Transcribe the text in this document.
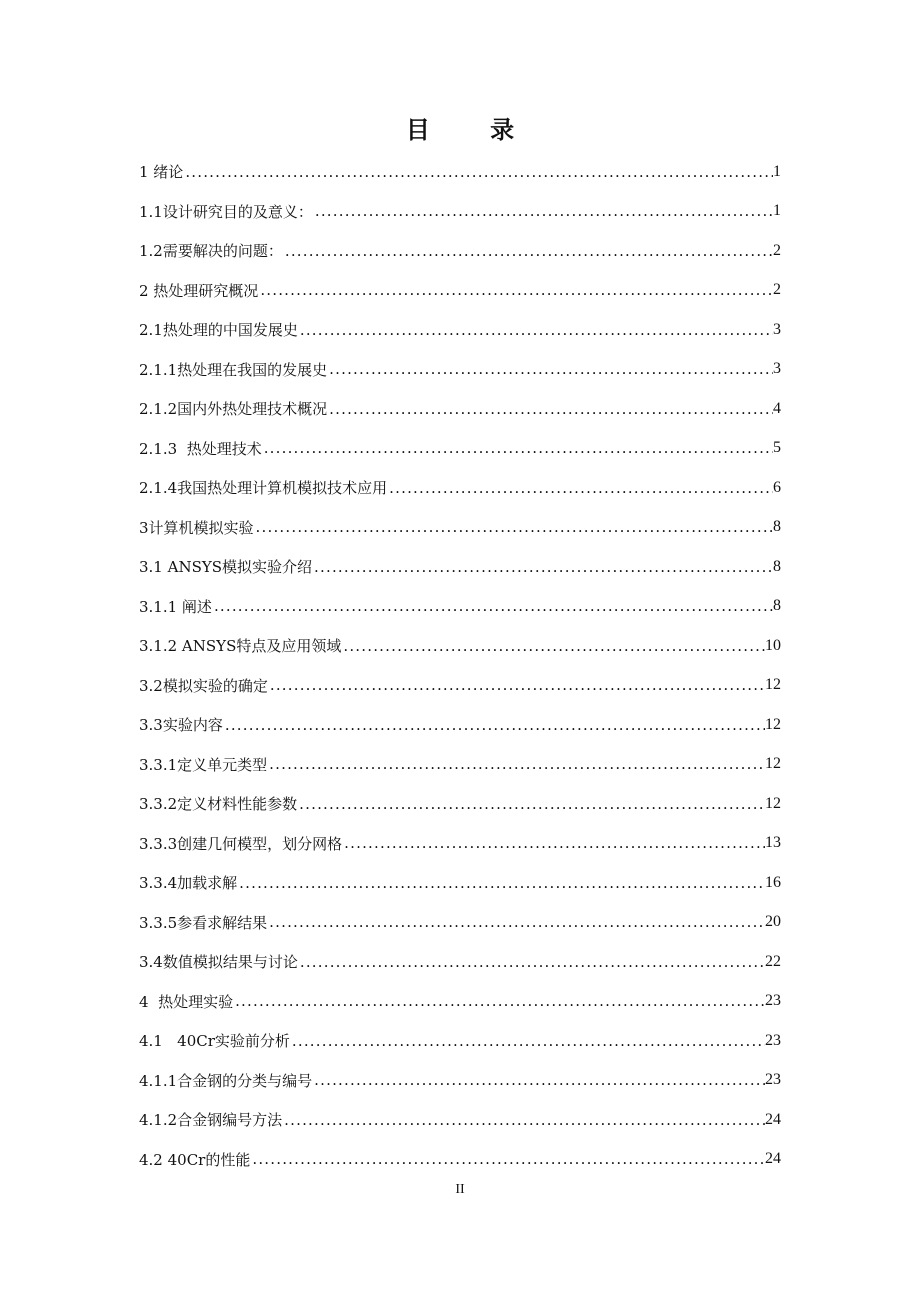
目 录
1 绪论 .....	1
1.1设计研究目的及意义： .....	1
1.2需要解决的问题： .....	2
2 热处理研究概况 .....	2
2.1热处理的中国发展史 .....	3
2.1.1热处理在我国的发展史 .....	3
2.1.2国内外热处理技术概况 .....	4
2.1.3  热处理技术 .....	5
2.1.4我国热处理计算机模拟技术应用 .....	6
3计算机模拟实验 .....	8
3.1 ANSYS模拟实验介绍 .....	8
3.1.1 阐述 .....	8
3.1.2 ANSYS特点及应用领域 .....	10
3.2模拟实验的确定 .....	12
3.3实验内容 .....	12
3.3.1定义单元类型 .....	12
3.3.2定义材料性能参数 .....	12
3.3.3创建几何模型，划分网格 .....	13
3.3.4加载求解 .....	16
3.3.5参看求解结果 .....	20
3.4数值模拟结果与讨论 .....	22
4  热处理实验 .....	23
4.1   40Cr实验前分析 .....	23
4.1.1合金钢的分类与编号 .....	23
4.1.2合金钢编号方法 .....	24
4.2 40Cr的性能 .....	24
II
